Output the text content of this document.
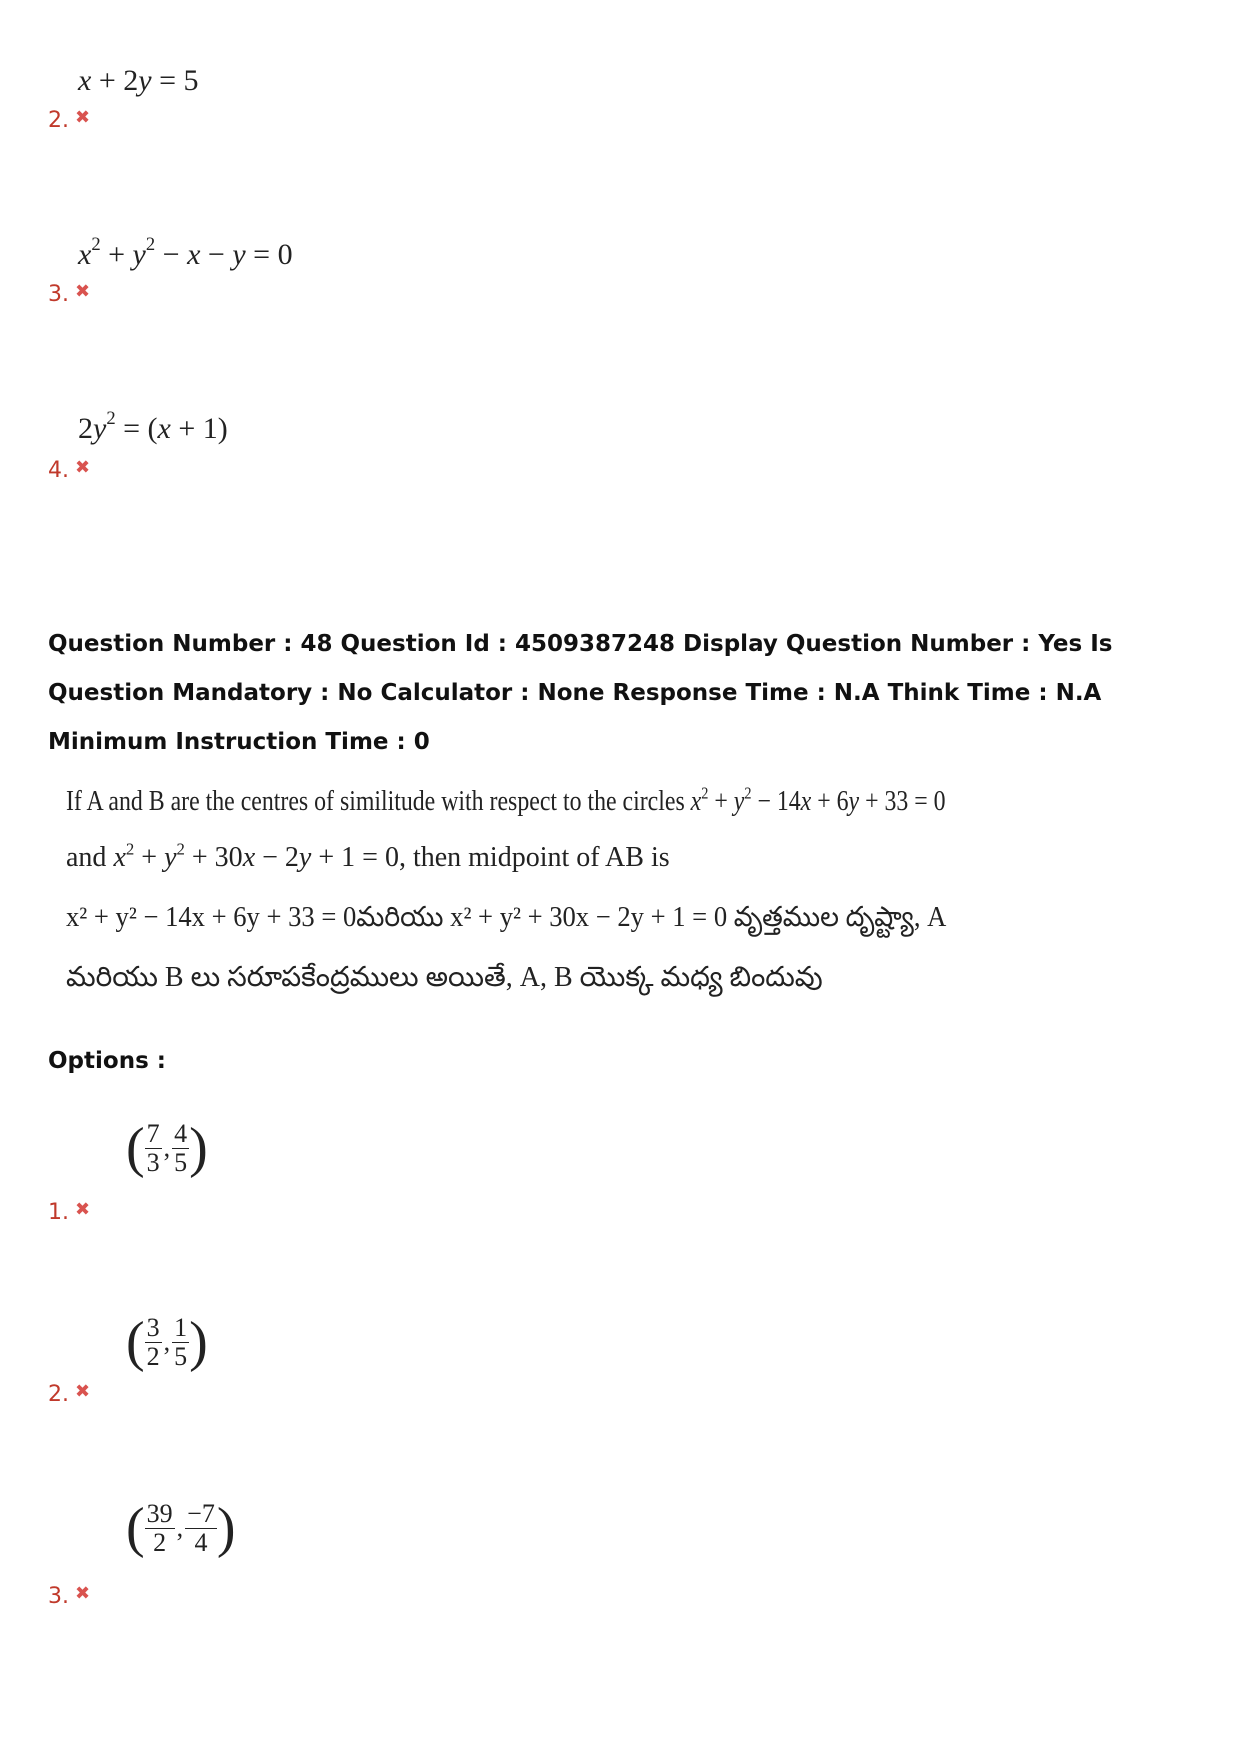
x + 2y = 5
2. ✖
$x^2 + y^2 - x - y = 0$
3. ✖
$2y^2 = (x + 1)$
4. ✖
Question Number : 48 Question Id : 4509387248 Display Question Number : Yes Is Question Mandatory : No Calculator : None Response Time : N.A Think Time : N.A Minimum Instruction Time : 0
If A and B are the centres of similitude with respect to the circles $x^2 + y^2 - 14x + 6y + 33 = 0$
and $x^2 + y^2 + 30x - 2y + 1 = 0$, then midpoint of AB is
x² + y² − 14x + 6y + 33 = 0మరియు x² + y² + 30x − 2y + 1 = 0 వృత్తముల దృష్ట్యా, A
మరియు B లు సరూపకేంద్రములు అయితే, A, B యొక్క మధ్య బిందువు
Options :
( $\frac{7}{3}$ , $\frac{4}{5}$ )
1. ✖
( $\frac{3}{2}$ , $\frac{1}{5}$ )
2. ✖
( $\frac{39}{2}$ , $\frac{-7}{4}$ )
3. ✖
